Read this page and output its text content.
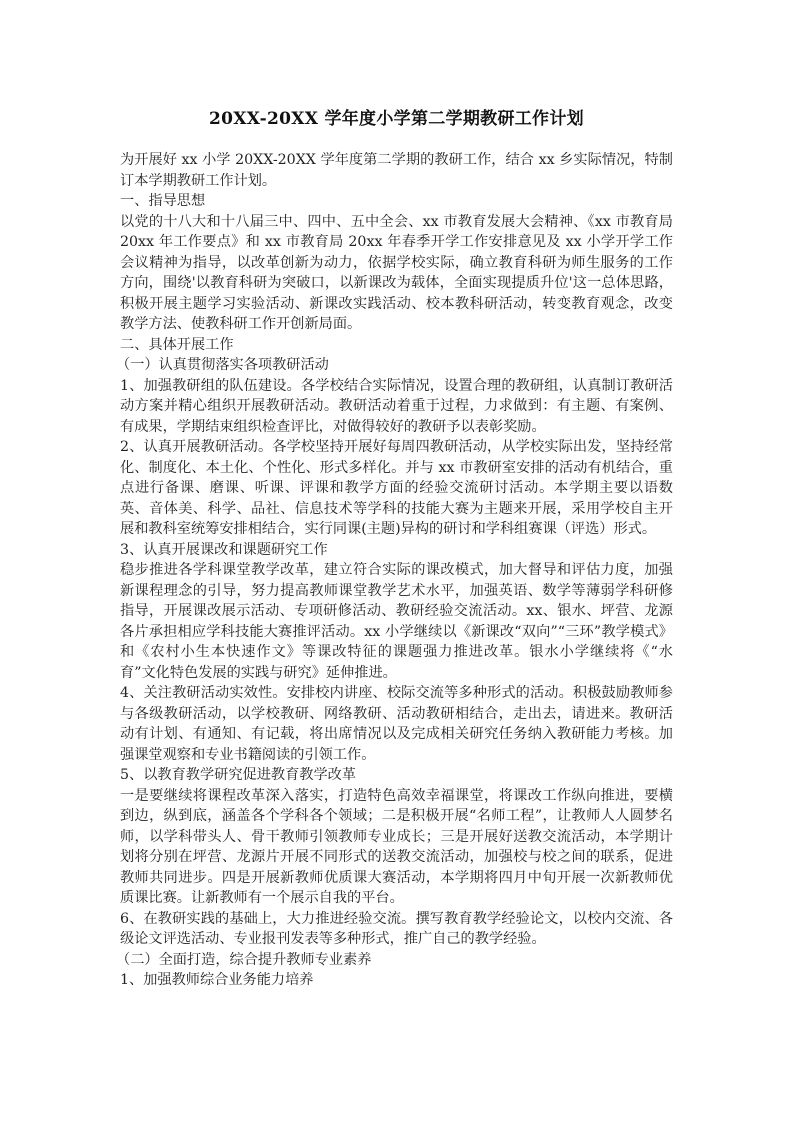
20XX-20XX 学年度小学第二学期教研工作计划

为开展好 xx 小学 20XX-20XX 学年度第二学期的教研工作，结合 xx 乡实际情况，特制订本学期教研工作计划。

一、指导思想

以党的十八大和十八届三中、四中、五中全会、xx 市教育发展大会精神、《xx 市教育局 20xx 年工作要点》和 xx 市教育局 20xx 年春季开学工作安排意见及 xx 小学开学工作会议精神为指导，以改革创新为动力，依据学校实际，确立教育科研为师生服务的工作方向，围绕'以教育科研为突破口，以新课改为载体，全面实现提质升位'这一总体思路，积极开展主题学习实验活动、新课改实践活动、校本教科研活动，转变教育观念，改变教学方法、使教科研工作开创新局面。

二、具体开展工作

（一）认真贯彻落实各项教研活动

1、加强教研组的队伍建设。各学校结合实际情况，设置合理的教研组，认真制订教研活动方案并精心组织开展教研活动。教研活动着重于过程，力求做到：有主题、有案例、有成果，学期结束组织检查评比，对做得较好的教研予以表彰奖励。

2、认真开展教研活动。各学校坚持开展好每周四教研活动，从学校实际出发，坚持经常化、制度化、本土化、个性化、形式多样化。并与 xx 市教研室安排的活动有机结合，重点进行备课、磨课、听课、评课和教学方面的经验交流研讨活动。本学期主要以语数英、音体美、科学、品社、信息技术等学科的技能大赛为主题来开展，采用学校自主开展和教科室统筹安排相结合，实行同课(主题)异构的研讨和学科组赛课（评选）形式。

3、认真开展课改和课题研究工作

稳步推进各学科课堂教学改革，建立符合实际的课改模式，加大督导和评估力度，加强新课程理念的引导，努力提高教师课堂教学艺术水平，加强英语、数学等薄弱学科研修指导，开展课改展示活动、专项研修活动、教研经验交流活动。xx、银水、坪营、龙源各片承担相应学科技能大赛推评活动。xx 小学继续以《新课改“双向”“三环”教学模式》和《农村小生本快速作文》等课改特征的课题强力推进改革。银水小学继续将《“水育”文化特色发展的实践与研究》延伸推进。

4、关注教研活动实效性。安排校内讲座、校际交流等多种形式的活动。积极鼓励教师参与各级教研活动，以学校教研、网络教研、活动教研相结合，走出去，请进来。教研活动有计划、有通知、有记载，将出席情况以及完成相关研究任务纳入教研能力考核。加强课堂观察和专业书籍阅读的引领工作。

5、以教育教学研究促进教育教学改革

一是要继续将课程改革深入落实，打造特色高效幸福课堂，将课改工作纵向推进，要横到边，纵到底，涵盖各个学科各个领域；二是积极开展“名师工程”，让教师人人圆梦名师，以学科带头人、骨干教师引领教师专业成长；三是开展好送教交流活动，本学期计划将分别在坪营、龙源片开展不同形式的送教交流活动，加强校与校之间的联系，促进教师共同进步。四是开展新教师优质课大赛活动，本学期将四月中旬开展一次新教师优质课比赛。让新教师有一个展示自我的平台。

6、在教研实践的基础上，大力推进经验交流。撰写教育教学经验论文，以校内交流、各级论文评选活动、专业报刊发表等多种形式，推广自己的教学经验。

（二）全面打造，综合提升教师专业素养

1、加强教师综合业务能力培养
